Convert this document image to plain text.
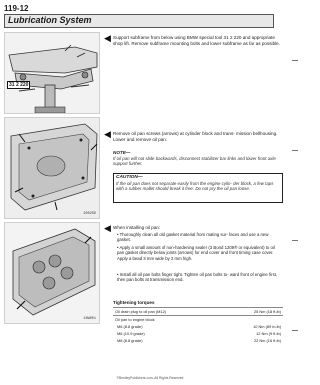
119-12
Lubrication System
31 2 220
◀ Support subframe from below using BMW special tool 31 2 220 and appropriate shop lift. Remove subframe mounting bolts and lower subframe as far as possible.
2002SD
◀ Remove oil pan screws (arrows) at cylinder block and trans- mission bellhousing. Lower and remove oil pan.
NOTE—
If oil pan will not slide backwards, disconnect stabilizer bar links and lower front axle support further.
CAUTION—
If the oil pan does not separate easily from the engine cylin- der block, a few taps with a rubber mallet should break it free. Do not pry the oil pan loose.
16W001
◀ When installing oil pan:
• Thoroughly clean all old gasket material from mating sur- faces and use a new gasket.
• Apply a small amount of non-hardening sealer (3 Bond 1209® or equivalent) to oil pan gasket directly below joints (arrows) for end cover and front timing case cover. Apply a bead 3 mm wide by 2 mm high.
• Install all oil pan bolts finger tight. Tighten oil pan bolts to- ward front of engine first, then pan bolts at transmission end.
Tightening torques
Oil drain plug to oil pan (M12)	25 Nm (18 ft-lb)
Oil pan to engine block	
M6 (8.8 grade)	10 Nm (89 in-lb)
M6 (10.9 grade)	12 Nm (9 ft-lb)
M8 (8.8 grade)	22 Nm (16 ft-lb)
©BentleyPublishers.com–All Rights Reserved
